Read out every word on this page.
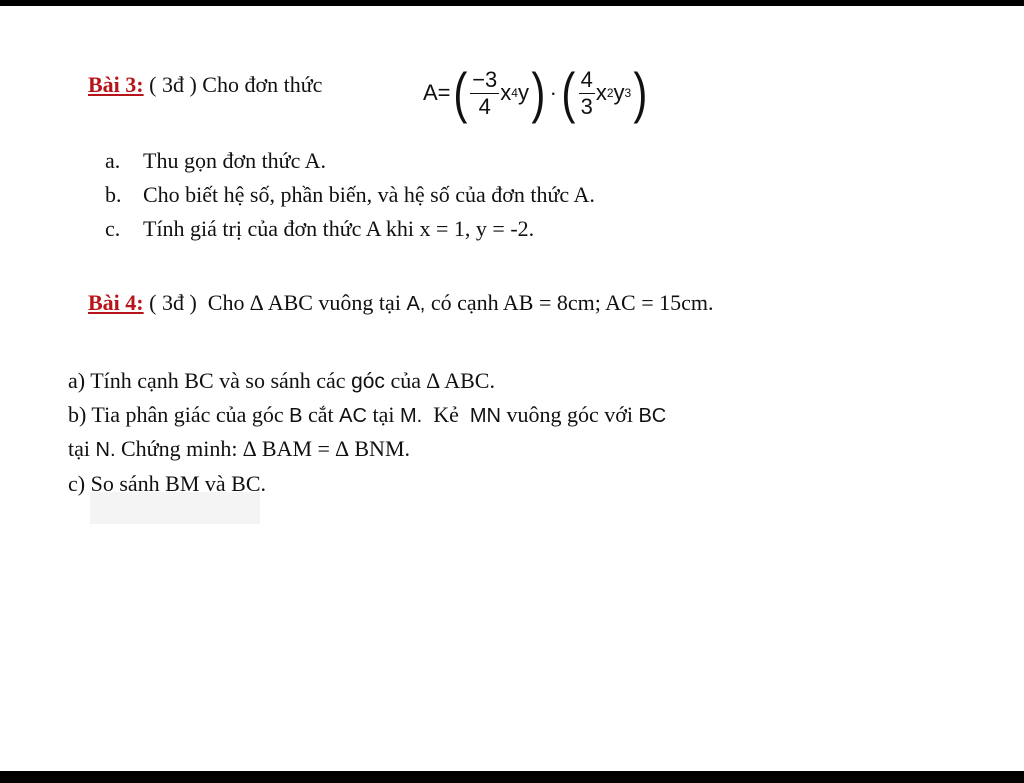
Bài 3: ( 3đ ) Cho đơn thức	A= ( $\frac{-3}{4}$ x 4 y ) · ( $\frac{4}{3}$ x 2 y 3 )
a. Thu gọn đơn thức A.
b. Cho biết hệ số, phần biến, và hệ số của đơn thức A.
c. Tính giá trị của đơn thức A khi x = 1, y = -2.
Bài 4: ( 3đ ) Cho ∆ ABC vuông tại A, có cạnh AB = 8cm; AC = 15cm.
a) Tính cạnh BC và so sánh các góc của ∆ ABC.
b) Tia phân giác của góc B cắt AC tại M. Kẻ MN vuông góc với BC
tại N. Chứng minh: ∆ BAM = ∆ BNM.
c) So sánh BM và BC.
